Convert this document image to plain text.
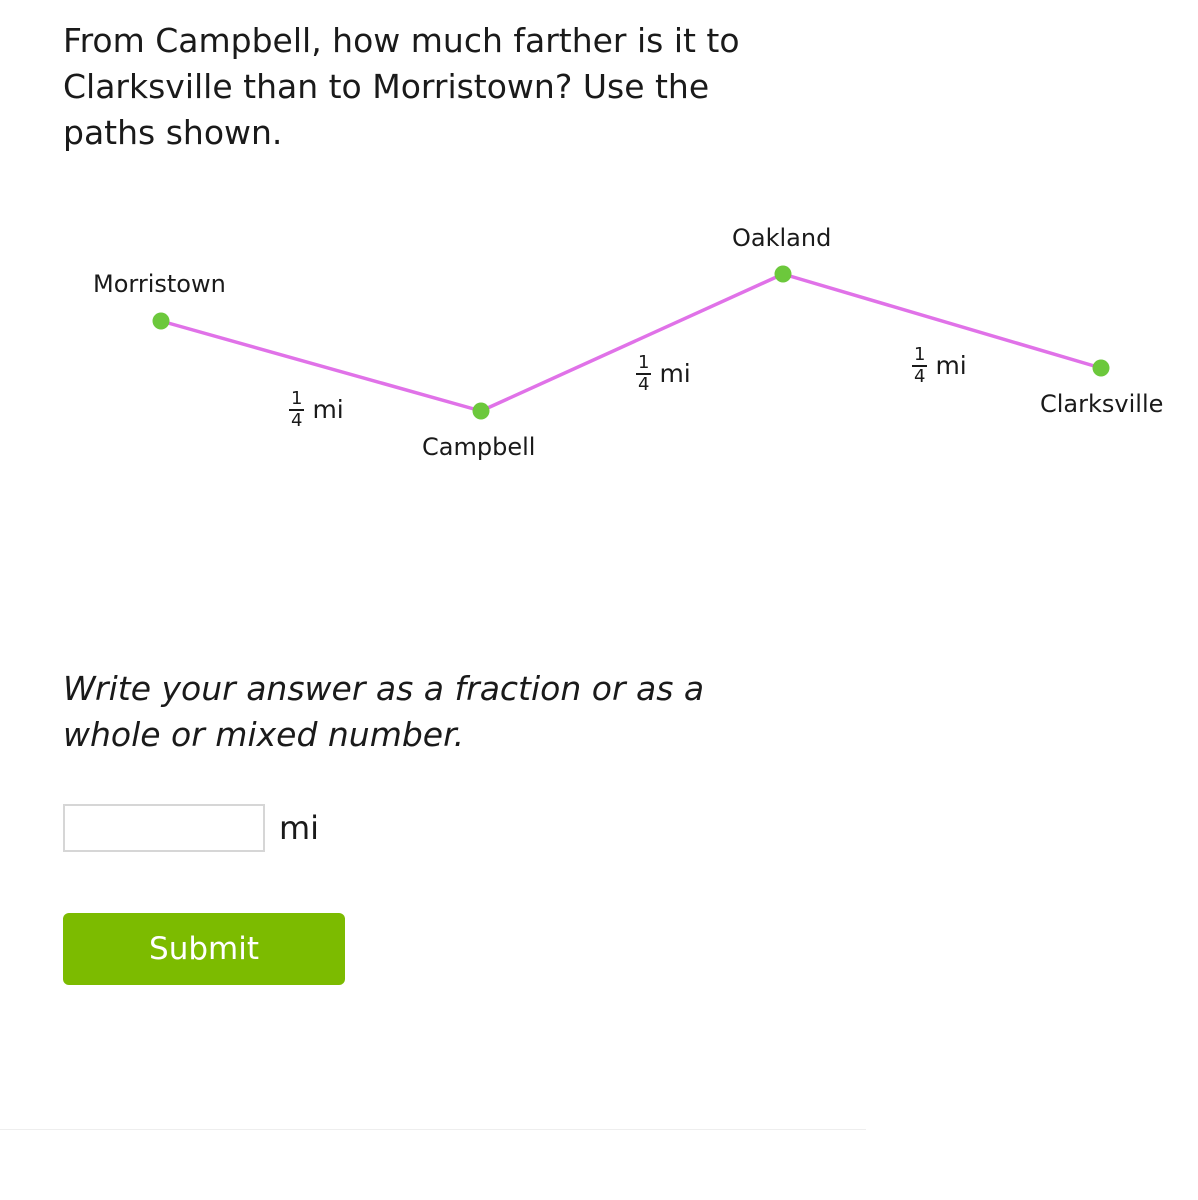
From Campbell, how much farther is it to Clarksville than to Morristown? Use the paths shown.
Morristown
Campbell
Oakland
Clarksville
$\frac{1}{4}$ mi
$\frac{1}{4}$ mi	$\frac{1}{4}$ mi

Write your answer as a fraction or as a whole or mixed number.

mi
Submit
